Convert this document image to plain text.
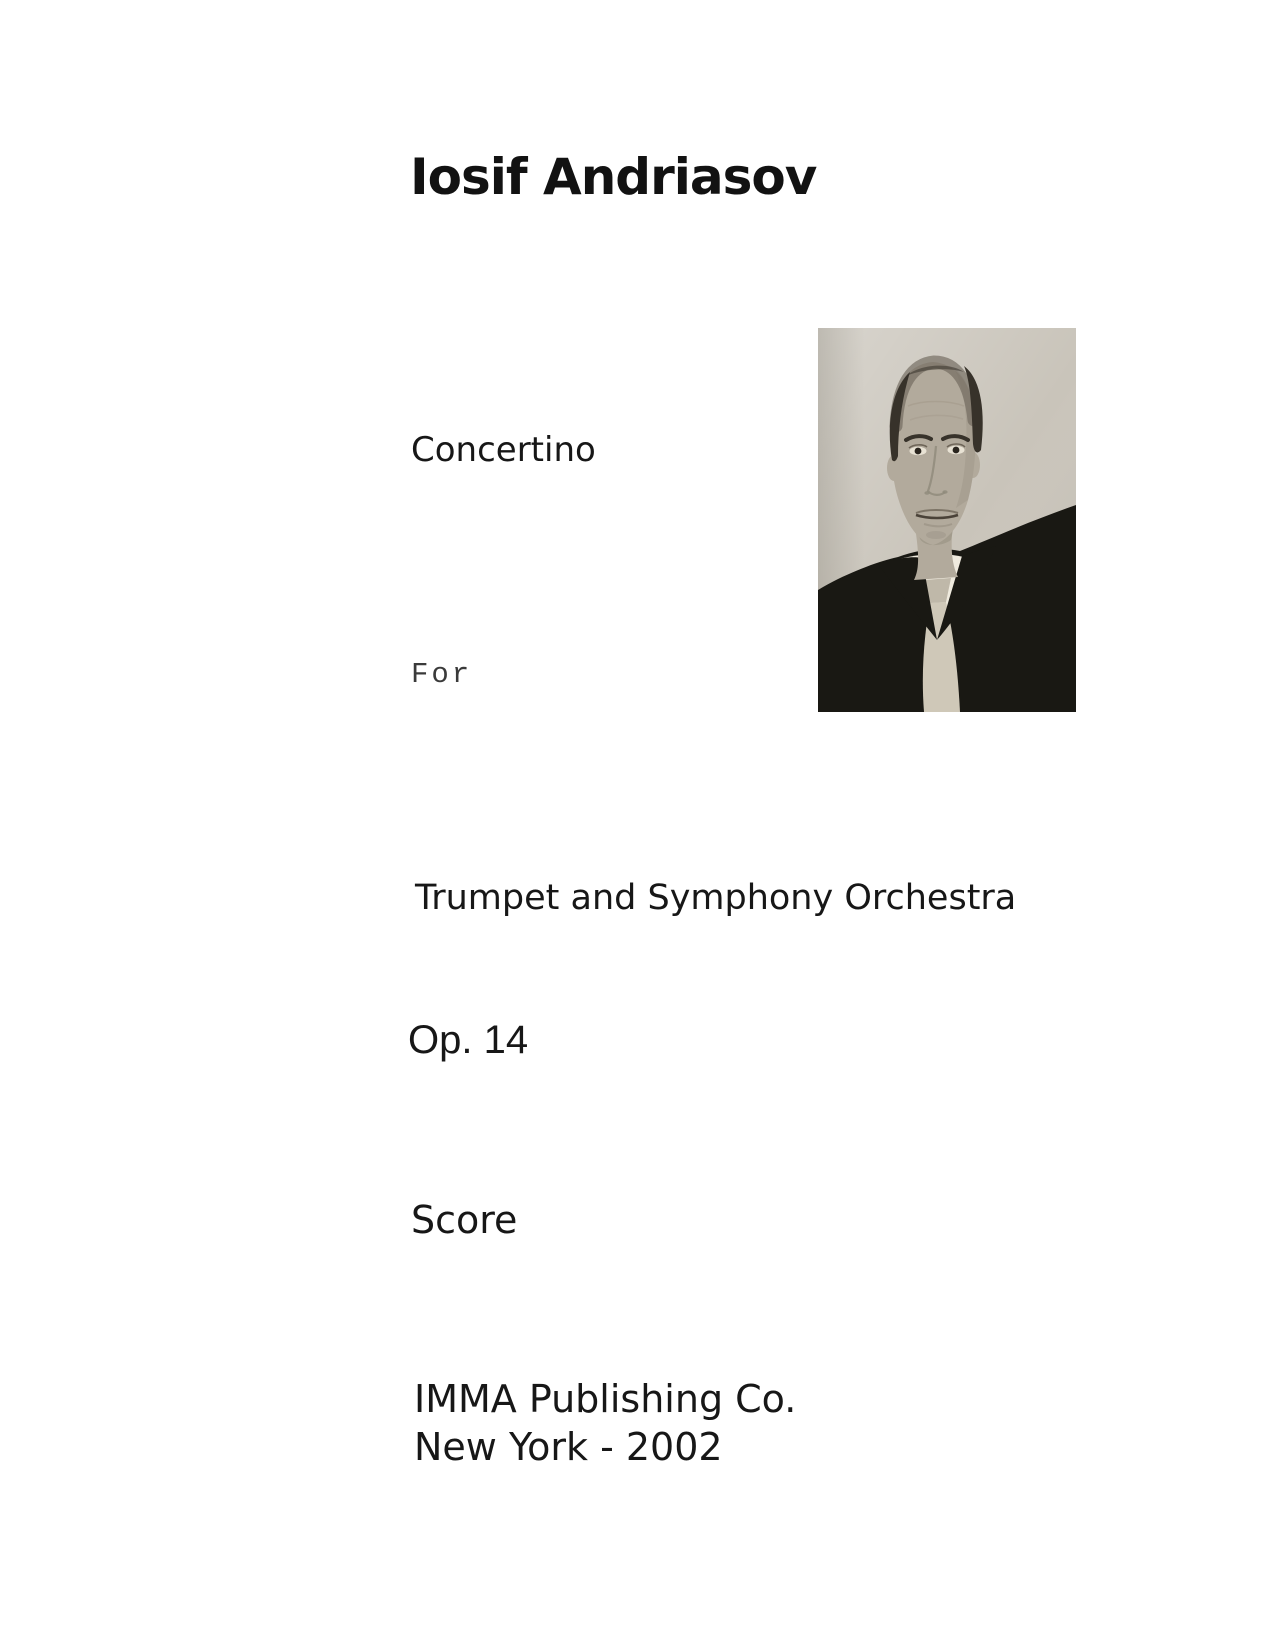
Iosif Andriasov
Concertino
For
Trumpet and Symphony Orchestra
Op. 14
Score
IMMA Publishing Co.
New York - 2002
